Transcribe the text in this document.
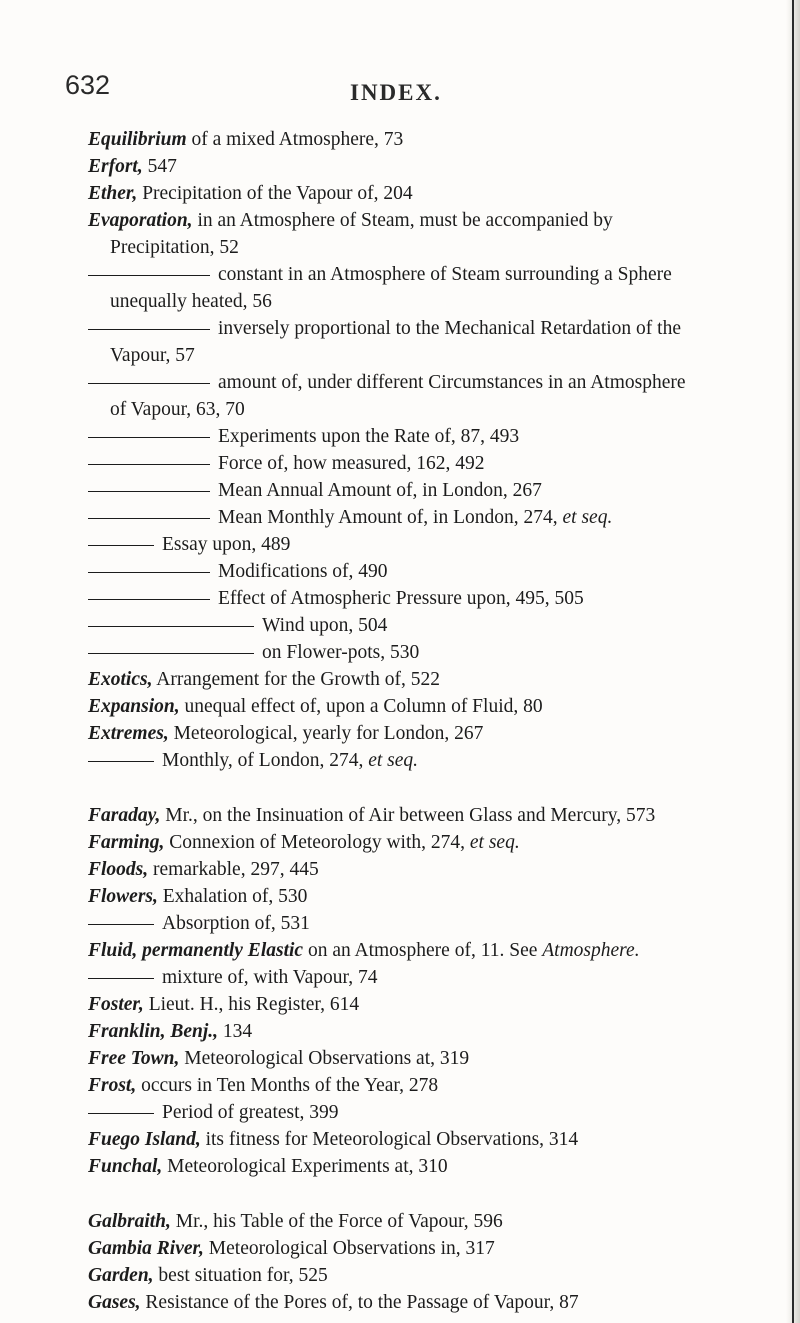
632	INDEX.
Equilibrium of a mixed Atmosphere, 73
Erfort, 547
Ether, Precipitation of the Vapour of, 204
Evaporation, in an Atmosphere of Steam, must be accompanied by Precipitation, 52
constant in an Atmosphere of Steam surrounding a Sphere unequally heated, 56
inversely proportional to the Mechanical Retardation of the Vapour, 57
amount of, under different Circumstances in an Atmosphere of Vapour, 63, 70
Experiments upon the Rate of, 87, 493
Force of, how measured, 162, 492
Mean Annual Amount of, in London, 267
Mean Monthly Amount of, in London, 274, et seq.
Essay upon, 489
Modifications of, 490
Effect of Atmospheric Pressure upon, 495, 505
Wind upon, 504
on Flower-pots, 530
Exotics, Arrangement for the Growth of, 522
Expansion, unequal effect of, upon a Column of Fluid, 80
Extremes, Meteorological, yearly for London, 267
Monthly, of London, 274, et seq.
Faraday, Mr., on the Insinuation of Air between Glass and Mercury, 573
Farming, Connexion of Meteorology with, 274, et seq.
Floods, remarkable, 297, 445
Flowers, Exhalation of, 530
Absorption of, 531
Fluid, permanently Elastic on an Atmosphere of, 11. See Atmosphere.
mixture of, with Vapour, 74
Foster, Lieut. H., his Register, 614
Franklin, Benj., 134
Free Town, Meteorological Observations at, 319
Frost, occurs in Ten Months of the Year, 278
Period of greatest, 399
Fuego Island, its fitness for Meteorological Observations, 314
Funchal, Meteorological Experiments at, 310
Galbraith, Mr., his Table of the Force of Vapour, 596
Gambia River, Meteorological Observations in, 317
Garden, best situation for, 525
Gases, Resistance of the Pores of, to the Passage of Vapour, 87
